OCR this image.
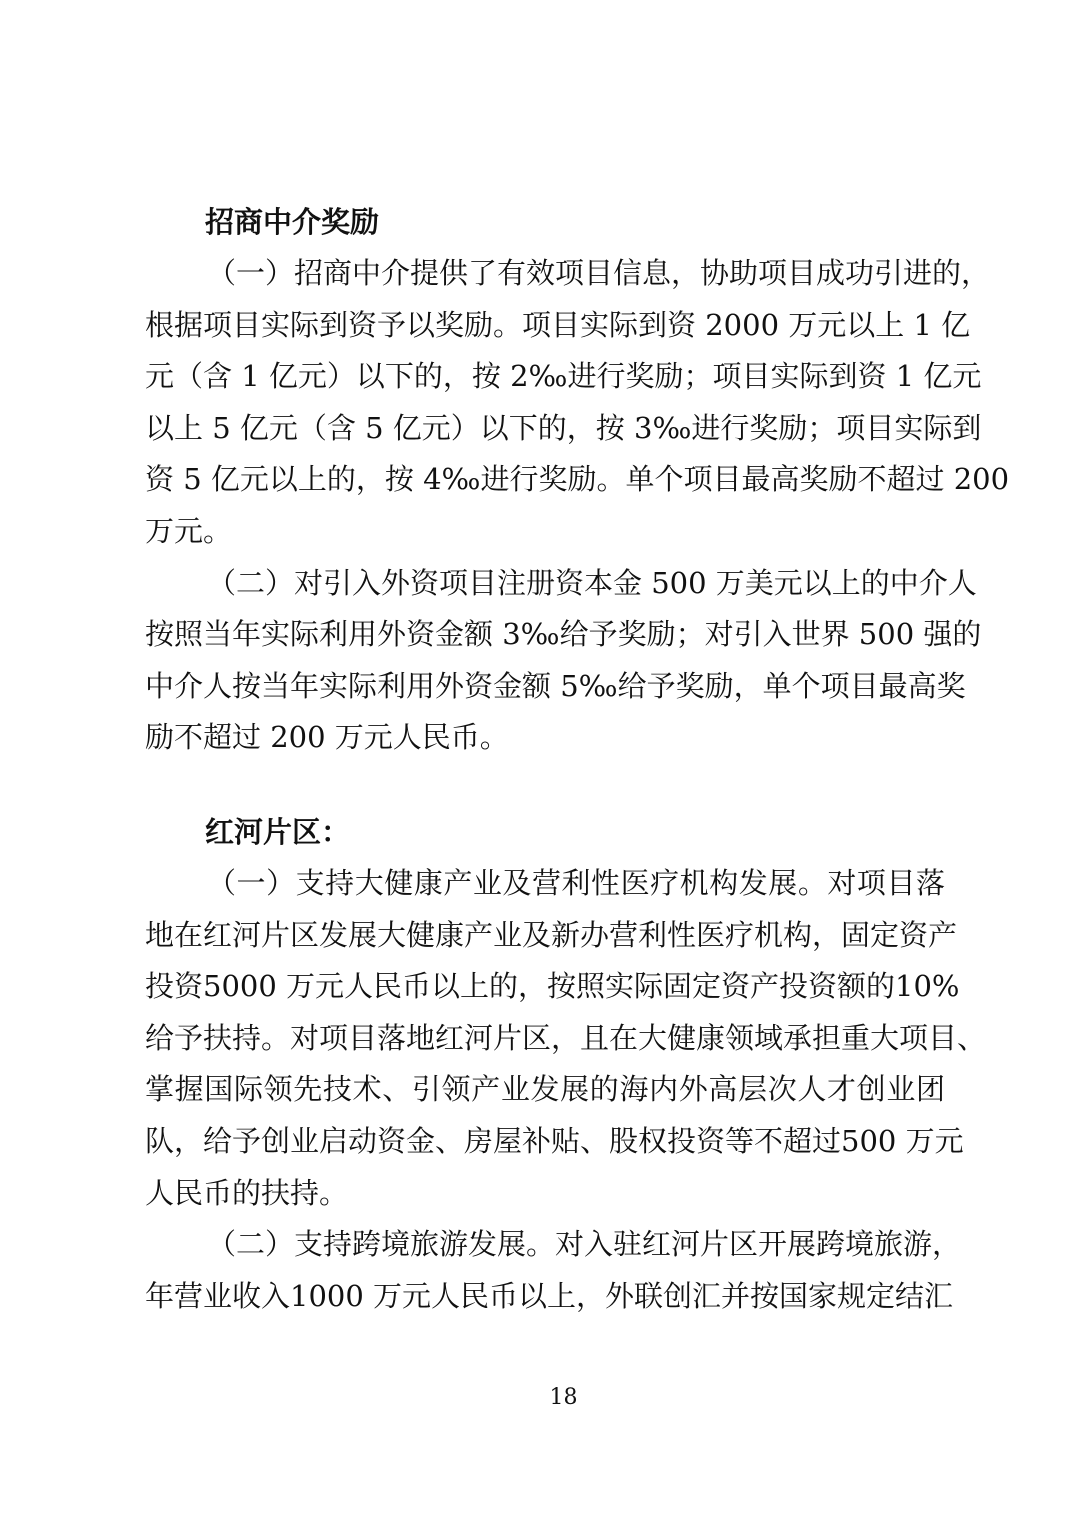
招商中介奖励

（一）招商中介提供了有效项目信息，协助项目成功引进的，

根据项目实际到资予以奖励。项目实际到资 2000 万元以上 1 亿

元（含 1 亿元）以下的，按 2‰进行奖励；项目实际到资 1 亿元

以上 5 亿元（含 5 亿元）以下的，按 3‰进行奖励；项目实际到

资 5 亿元以上的，按 4‰进行奖励。单个项目最高奖励不超过 200

万元。

（二）对引入外资项目注册资本金 500 万美元以上的中介人

按照当年实际利用外资金额 3‰给予奖励；对引入世界 500 强的

中介人按当年实际利用外资金额 5‰给予奖励，单个项目最高奖

励不超过 200 万元人民币。

红河片区：

（一）支持大健康产业及营利性医疗机构发展。对项目落

地在红河片区发展大健康产业及新办营利性医疗机构，固定资产

投资5000 万元人民币以上的，按照实际固定资产投资额的10%

给予扶持。对项目落地红河片区，且在大健康领域承担重大项目、

掌握国际领先技术、引领产业发展的海内外高层次人才创业团

队，给予创业启动资金、房屋补贴、股权投资等不超过500 万元

人民币的扶持。

（二）支持跨境旅游发展。对入驻红河片区开展跨境旅游，

年营业收入1000 万元人民币以上，外联创汇并按国家规定结汇

18
